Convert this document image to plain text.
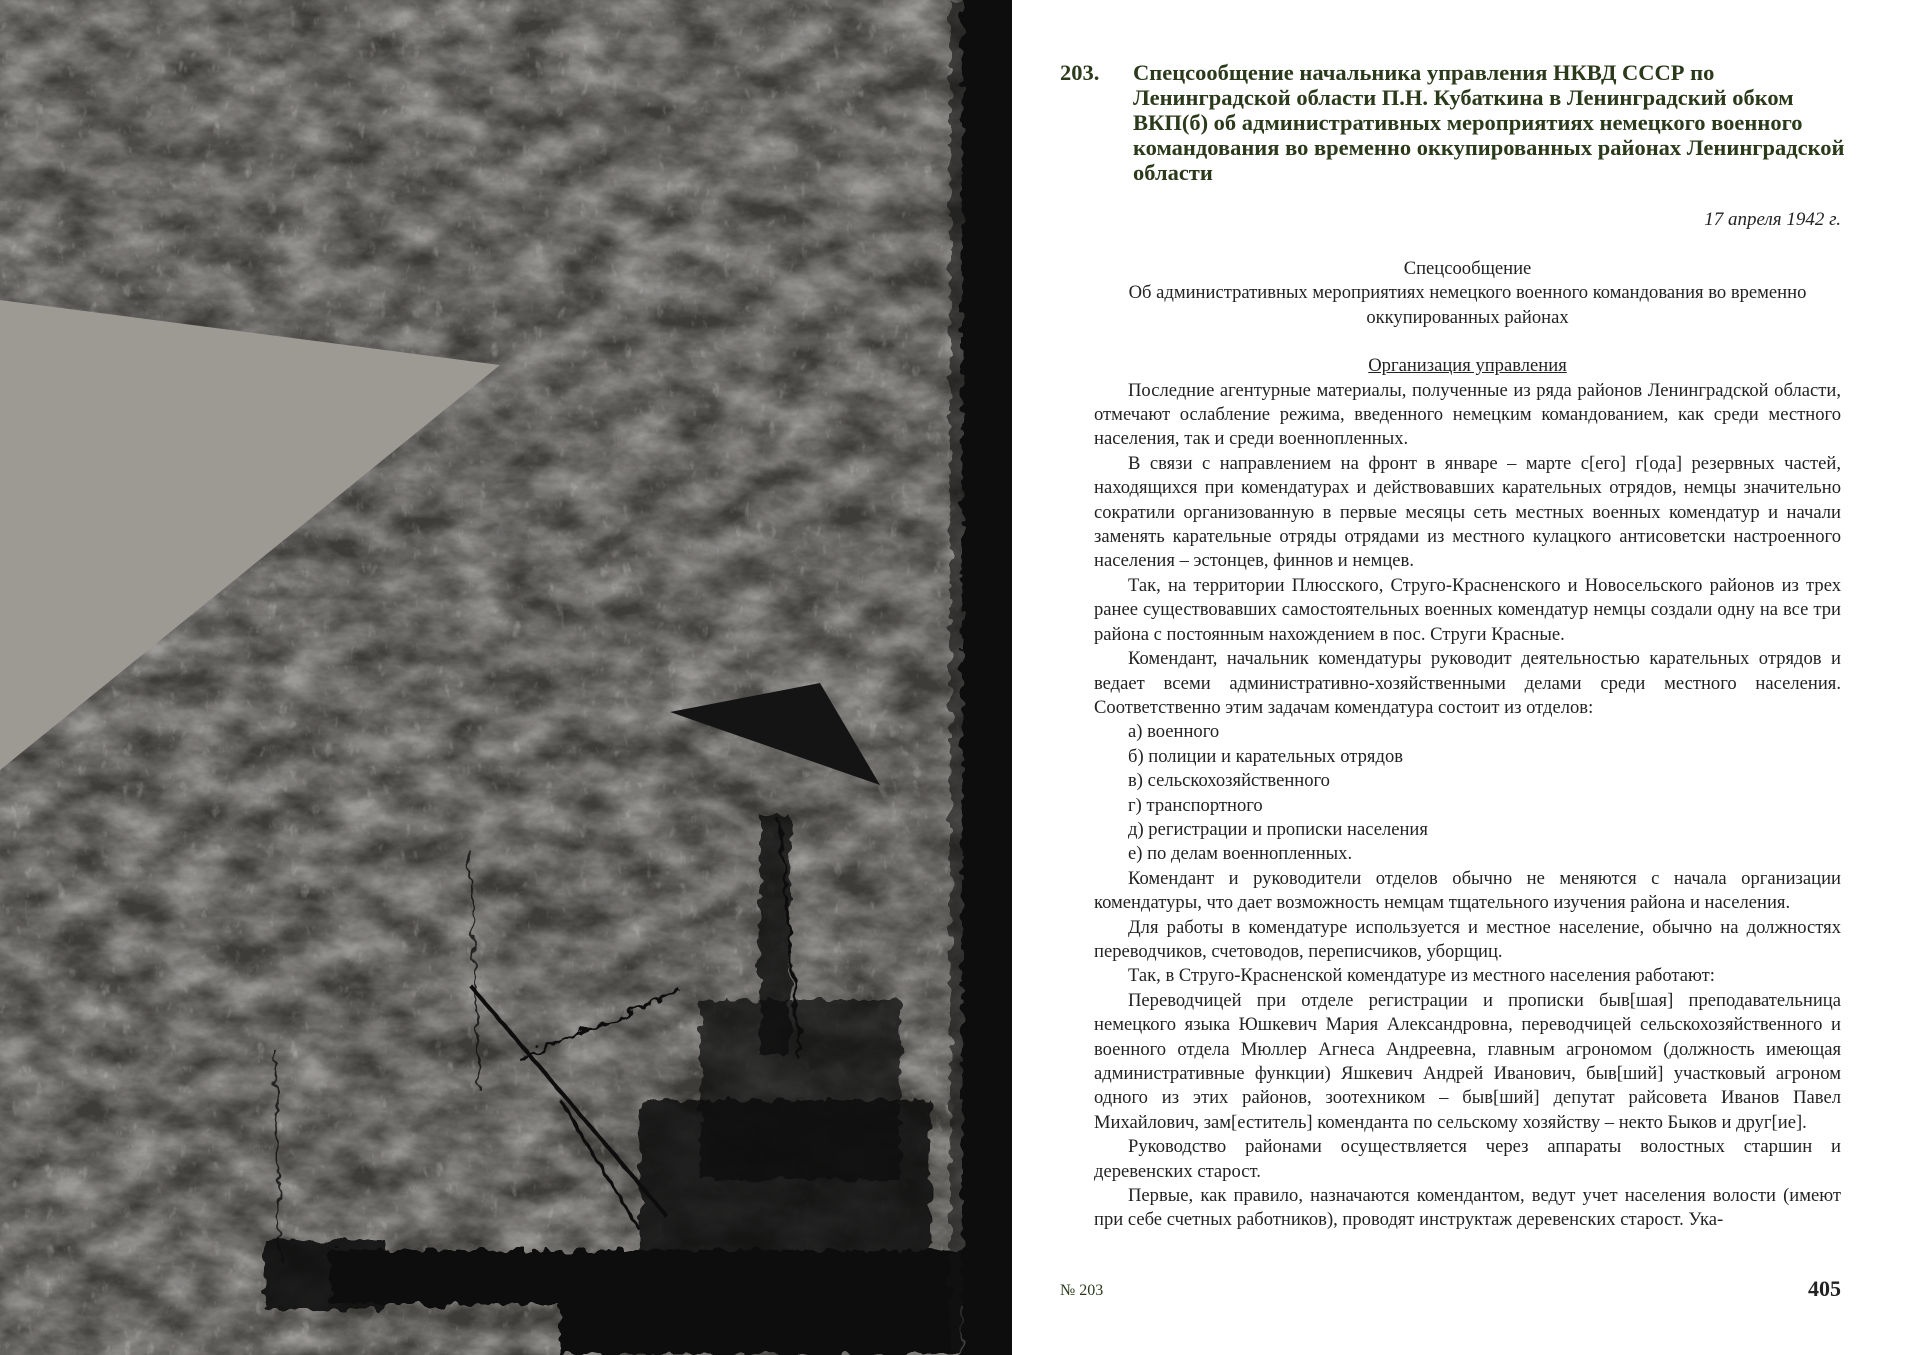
203. Спецсообщение начальника управления НКВД СССР по Ленинградской области П.Н. Кубаткина в Ленинградский обком ВКП(б) об административных мероприятиях немецкого военного командования во временно оккупированных районах Ленинградской области
17 апреля 1942 г.
Спецсообщение
Об административных мероприятиях немецкого военного командования во временно оккупированных районах
Организация управления

Последние агентурные материалы, полученные из ряда районов Ленинградской области, отмечают ослабление режима, введенного немецким командованием, как среди местного населения, так и среди военнопленных.

В связи с направлением на фронт в январе – марте с[его] г[ода] резервных частей, находящихся при комендатурах и действовавших карательных отрядов, немцы значительно сократили организованную в первые месяцы сеть местных военных комендатур и начали заменять карательные отряды отрядами из местного кулацкого антисоветски настроенного населения – эстонцев, финнов и немцев.

Так, на территории Плюсского, Струго-Красненского и Новосельского районов из трех ранее существовавших самостоятельных военных комендатур немцы создали одну на все три района с постоянным нахождением в пос. Струги Красные.

Комендант, начальник комендатуры руководит деятельностью карательных отрядов и ведает всеми административно-хозяйственными делами среди местного населения. Соответственно этим задачам комендатура состоит из отделов:

а) военного

б) полиции и карательных отрядов

в) сельскохозяйственного

г) транспортного

д) регистрации и прописки населения

е) по делам военнопленных.

Комендант и руководители отделов обычно не меняются с начала организации комендатуры, что дает возможность немцам тщательного изучения района и населения.

Для работы в комендатуре используется и местное население, обычно на должностях переводчиков, счетоводов, переписчиков, уборщиц.

Так, в Струго-Красненской комендатуре из местного населения работают:

Переводчицей при отделе регистрации и прописки быв[шая] преподавательница немецкого языка Юшкевич Мария Александровна, переводчицей сельскохозяйственного и военного отдела Мюллер Агнеса Андреевна, главным агрономом (должность имеющая административные функции) Яшкевич Андрей Иванович, быв[ший] участковый агроном одного из этих районов, зоотехником – быв[ший] депутат райсовета Иванов Павел Михайлович, зам[еститель] коменданта по сельскому хозяйству – некто Быков и друг[ие].

Руководство районами осуществляется через аппараты волостных старшин и деревенских старост.

Первые, как правило, назначаются комендантом, ведут учет населения волости (имеют при себе счетных работников), проводят инструктаж деревенских старост. Ука-

№ 203	405
